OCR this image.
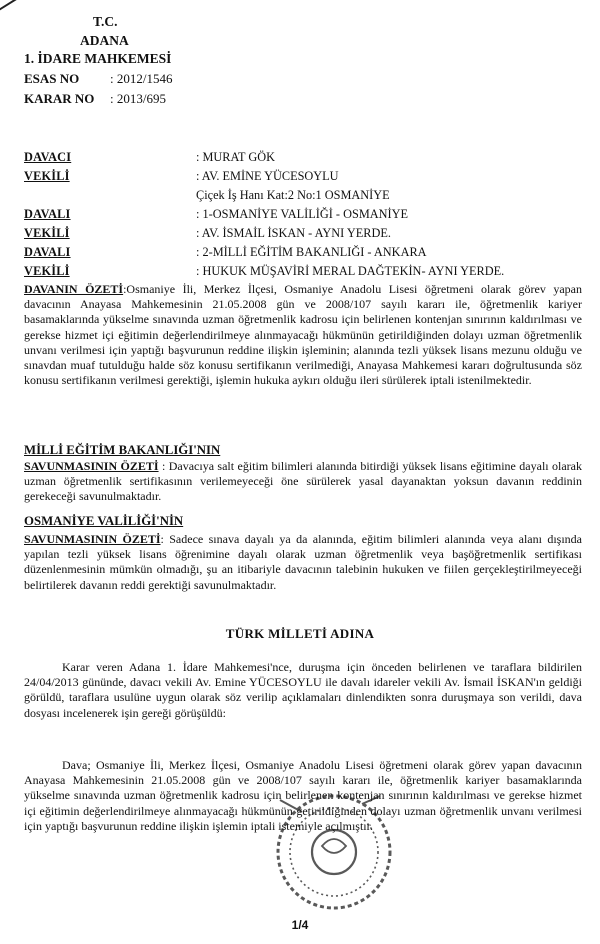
T.C.
ADANA
1. İDARE MAHKEMESİ
ESAS NO : 2012/1546
KARAR NO : 2013/695
DAVACI	: MURAT GÖK
VEKİLİ	: AV. EMİNE YÜCESOYLU
Çiçek İş Hanı Kat:2 No:1 OSMANİYE
DAVALI	: 1-OSMANİYE VALİLİĞİ - OSMANİYE
VEKİLİ	: AV. İSMAİL İSKAN - AYNI YERDE.
DAVALI	: 2-MİLLİ EĞİTİM BAKANLIĞI - ANKARA
VEKİLİ	: HUKUK MÜŞAVİRİ MERAL DAĞTEKİN- AYNI YERDE.
DAVANIN ÖZETİ:Osmaniye İli, Merkez İlçesi, Osmaniye Anadolu Lisesi öğretmeni olarak görev yapan davacının Anayasa Mahkemesinin 21.05.2008 gün ve 2008/107 sayılı kararı ile, öğretmenlik kariyer basamaklarında yükselme sınavında uzman öğretmenlik kadrosu için belirlenen kontenjan sınırının kaldırılması ve gerekse hizmet içi eğitimin değerlendirilmeye alınmayacağı hükmünün getirildiğinden dolayı uzman öğretmenlik unvanı verilmesi için yaptığı başvurunun reddine ilişkin işleminin; alanında tezli yüksek lisans mezunu olduğu ve sınavdan muaf tutulduğu halde söz konusu sertifikanın verilmediği, Anayasa Mahkemesi kararı doğrultusunda söz konusu sertifikanın verilmesi gerektiği, işlemin hukuka aykırı olduğu ileri sürülerek iptali istenilmektedir.
MİLLİ EĞİTİM BAKANLIĞI'NIN
SAVUNMASININ ÖZETİ : Davacıya salt eğitim bilimleri alanında bitirdiği yüksek lisans eğitimine dayalı olarak uzman öğretmenlik sertifikasının verilemeyeceği öne sürülerek yasal dayanaktan yoksun davanın reddinin gerekeceği savunulmaktadır.
OSMANİYE VALİLİĞİ'NİN
SAVUNMASININ ÖZETİ: Sadece sınava dayalı ya da alanında, eğitim bilimleri alanında veya alanı dışında yapılan tezli yüksek lisans öğrenimine dayalı olarak uzman öğretmenlik veya başöğretmenlik sertifikası düzenlenmesinin mümkün olmadığı, şu an itibariyle davacının talebinin hukuken ve fiilen gerçekleştirilmeyeceği belirtilerek davanın reddi gerektiği savunulmaktadır.
TÜRK MİLLETİ ADINA
Karar veren Adana 1. İdare Mahkemesi'nce, duruşma için önceden belirlenen ve taraflara bildirilen 24/04/2013 gününde, davacı vekili Av. Emine YÜCESOYLU ile davalı idareler vekili Av. İsmail İSKAN'ın geldiği görüldü, taraflara usulüne uygun olarak söz verilip açıklamaları dinlendikten sonra duruşmaya son verildi, dava dosyası incelenerek işin gereği görüşüldü:
Dava; Osmaniye İli, Merkez İlçesi, Osmaniye Anadolu Lisesi öğretmeni olarak görev yapan davacının Anayasa Mahkemesinin 21.05.2008 gün ve 2008/107 sayılı kararı ile, öğretmenlik kariyer basamaklarında yükselme sınavında uzman öğretmenlik kadrosu için belirlenen kontenjan sınırının kaldırılması ve gerekse hizmet içi eğitimin değerlendirilmeye alınmayacağı hükmünün getirildiğinden dolayı uzman öğretmenlik unvanı verilmesi için yaptığı başvurunun reddine ilişkin işlemin iptali istemiyle açılmıştır.
1/4
